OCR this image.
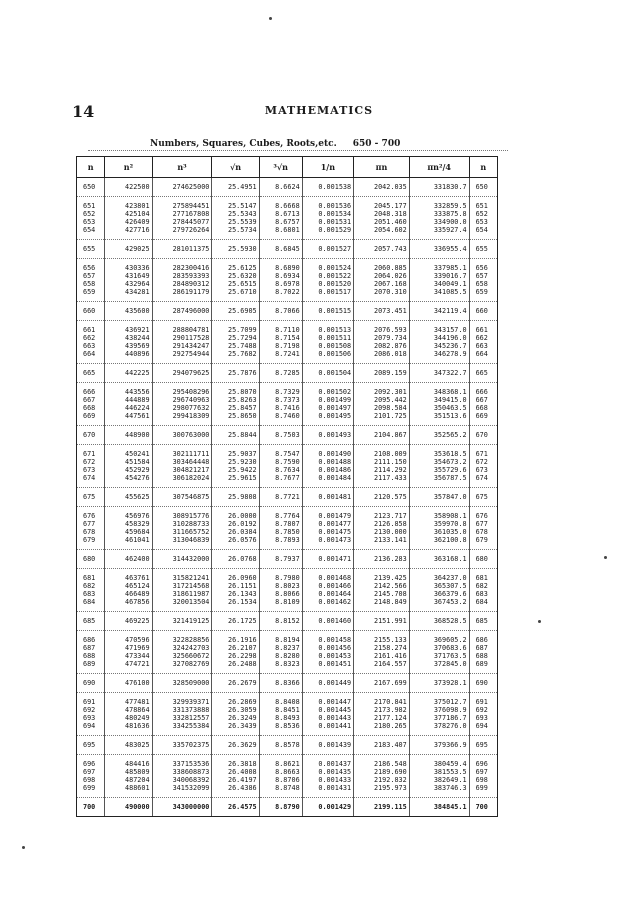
14	MATHEMATICS
Numbers, Squares, Cubes, Roots,etc. 650 - 700
n	n²	n³	√n	³√n	1/n	πn	πn²/4	n
650	422500	274625000	25.4951	8.6624	0.001538	2042.035	331830.7	650
651	423801	275894451	25.5147	8.6668	0.001536	2045.177	332859.5	651
652	425104	277167808	25.5343	8.6713	0.001534	2048.318	333875.8	652
653	426409	278445077	25.5539	8.6757	0.001531	2051.460	334900.0	653
654	427716	279726264	25.5734	8.6801	0.001529	2054.602	335927.4	654
655	429025	281011375	25.5930	8.6845	0.001527	2057.743	336955.4	655
656	430336	282300416	25.6125	8.6890	0.001524	2060.885	337985.1	656
657	431649	283593393	25.6320	8.6934	0.001522	2064.026	339016.7	657
658	432964	284890312	25.6515	8.6978	0.001520	2067.168	340049.1	658
659	434281	286191179	25.6710	8.7022	0.001517	2070.310	341085.5	659
660	435600	287496000	25.6905	8.7066	0.001515	2073.451	342119.4	660
661	436921	288804781	25.7099	8.7110	0.001513	2076.593	343157.0	661
662	438244	290117528	25.7294	8.7154	0.001511	2079.734	344196.0	662
663	439569	291434247	25.7488	8.7198	0.001508	2082.876	345236.7	663
664	440896	292754944	25.7682	8.7241	0.001506	2086.018	346278.9	664
665	442225	294079625	25.7876	8.7285	0.001504	2089.159	347322.7	665
666	443556	295408296	25.8070	8.7329	0.001502	2092.301	348368.1	666
667	444889	296740963	25.8263	8.7373	0.001499	2095.442	349415.0	667
668	446224	298077632	25.8457	8.7416	0.001497	2098.584	350463.5	668
669	447561	299418309	25.8650	8.7460	0.001495	2101.725	351513.6	669
670	448900	300763000	25.8844	8.7503	0.001493	2104.867	352565.2	670
671	450241	302111711	25.9037	8.7547	0.001490	2108.009	353618.5	671
672	451584	303464448	25.9230	8.7590	0.001488	2111.150	354673.2	672
673	452929	304821217	25.9422	8.7634	0.001486	2114.292	355729.6	673
674	454276	306182024	25.9615	8.7677	0.001484	2117.433	356787.5	674
675	455625	307546875	25.9808	8.7721	0.001481	2120.575	357847.0	675
676	456976	308915776	26.0000	8.7764	0.001479	2123.717	358908.1	676
677	458329	310288733	26.0192	8.7807	0.001477	2126.858	359970.8	677
678	459684	311665752	26.0384	8.7850	0.001475	2130.000	361035.0	678
679	461041	313046839	26.0576	8.7893	0.001473	2133.141	362100.8	679
680	462400	314432000	26.0768	8.7937	0.001471	2136.283	363168.1	680
681	463761	315821241	26.0960	8.7980	0.001468	2139.425	364237.0	681
682	465124	317214568	26.1151	8.8023	0.001466	2142.566	365307.5	682
683	466489	318611987	26.1343	8.8066	0.001464	2145.708	366379.6	683
684	467856	320013504	26.1534	8.8109	0.001462	2148.849	367453.2	684
685	469225	321419125	26.1725	8.8152	0.001460	2151.991	368528.5	685
686	470596	322828856	26.1916	8.8194	0.001458	2155.133	369605.2	686
687	471969	324242703	26.2107	8.8237	0.001456	2158.274	370683.6	687
688	473344	325660672	26.2298	8.8280	0.001453	2161.416	371763.5	688
689	474721	327082769	26.2488	8.8323	0.001451	2164.557	372845.0	689
690	476100	328509000	26.2679	8.8366	0.001449	2167.699	373928.1	690
691	477481	329939371	26.2869	8.8408	0.001447	2170.841	375012.7	691
692	478864	331373888	26.3059	8.8451	0.001445	2173.982	376098.9	692
693	480249	332812557	26.3249	8.8493	0.001443	2177.124	377186.7	693
694	481636	334255384	26.3439	8.8536	0.001441	2180.265	378276.0	694
695	483025	335702375	26.3629	8.8578	0.001439	2183.407	379366.9	695
696	484416	337153536	26.3818	8.8621	0.001437	2186.548	380459.4	696
697	485809	338608873	26.4008	8.8663	0.001435	2189.690	381553.5	697
698	487204	340068392	26.4197	8.8706	0.001433	2192.832	382649.1	698
699	488601	341532099	26.4386	8.8748	0.001431	2195.973	383746.3	699
700	490000	343000000	26.4575	8.8790	0.001429	2199.115	384845.1	700
